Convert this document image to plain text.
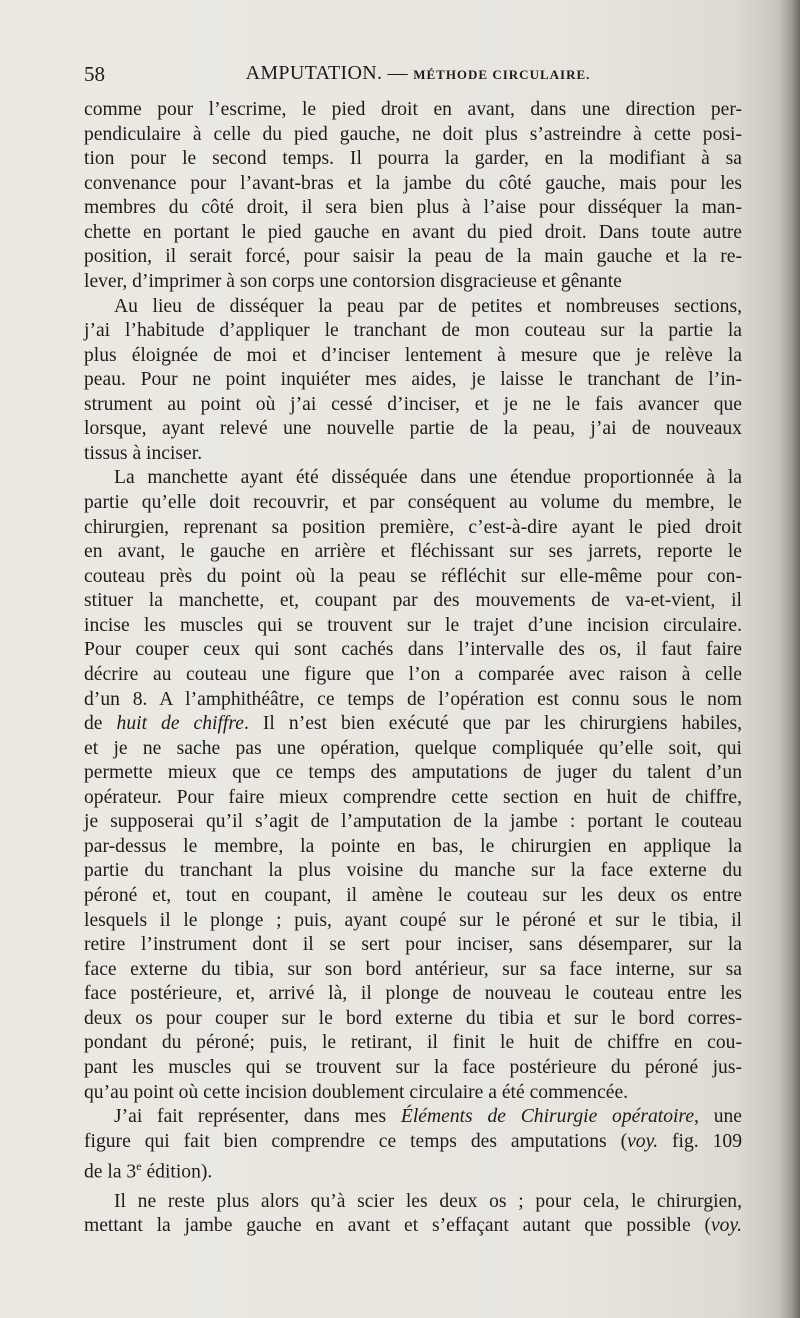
58	AMPUTATION. — MÉTHODE CIRCULAIRE.
comme pour l’escrime, le pied droit en avant, dans une direction per-
pendiculaire à celle du pied gauche, ne doit plus s’astreindre à cette posi-
tion pour le second temps. Il pourra la garder, en la modifiant à sa
convenance pour l’avant-bras et la jambe du côté gauche, mais pour les
membres du côté droit, il sera bien plus à l’aise pour disséquer la man-
chette en portant le pied gauche en avant du pied droit. Dans toute autre
position, il serait forcé, pour saisir la peau de la main gauche et la re-
lever, d’imprimer à son corps une contorsion disgracieuse et gênante
Au lieu de disséquer la peau par de petites et nombreuses sections,
j’ai l’habitude d’appliquer le tranchant de mon couteau sur la partie la
plus éloignée de moi et d’inciser lentement à mesure que je relève la
peau. Pour ne point inquiéter mes aides, je laisse le tranchant de l’in-
strument au point où j’ai cessé d’inciser, et je ne le fais avancer que
lorsque, ayant relevé une nouvelle partie de la peau, j’ai de nouveaux
tissus à inciser.
La manchette ayant été disséquée dans une étendue proportionnée à la
partie qu’elle doit recouvrir, et par conséquent au volume du membre, le
chirurgien, reprenant sa position première, c’est-à-dire ayant le pied droit
en avant, le gauche en arrière et fléchissant sur ses jarrets, reporte le
couteau près du point où la peau se réfléchit sur elle-même pour con-
stituer la manchette, et, coupant par des mouvements de va-et-vient, il
incise les muscles qui se trouvent sur le trajet d’une incision circulaire.
Pour couper ceux qui sont cachés dans l’intervalle des os, il faut faire
décrire au couteau une figure que l’on a comparée avec raison à celle
d’un 8. A l’amphithéâtre, ce temps de l’opération est connu sous le nom
de huit de chiffre. Il n’est bien exécuté que par les chirurgiens habiles,
et je ne sache pas une opération, quelque compliquée qu’elle soit, qui
permette mieux que ce temps des amputations de juger du talent d’un
opérateur. Pour faire mieux comprendre cette section en huit de chiffre,
je supposerai qu’il s’agit de l’amputation de la jambe : portant le couteau
par-dessus le membre, la pointe en bas, le chirurgien en applique la
partie du tranchant la plus voisine du manche sur la face externe du
péroné et, tout en coupant, il amène le couteau sur les deux os entre
lesquels il le plonge ; puis, ayant coupé sur le péroné et sur le tibia, il
retire l’instrument dont il se sert pour inciser, sans désemparer, sur la
face externe du tibia, sur son bord antérieur, sur sa face interne, sur sa
face postérieure, et, arrivé là, il plonge de nouveau le couteau entre les
deux os pour couper sur le bord externe du tibia et sur le bord corres-
pondant du péroné; puis, le retirant, il finit le huit de chiffre en cou-
pant les muscles qui se trouvent sur la face postérieure du péroné jus-
qu’au point où cette incision doublement circulaire a été commencée.
J’ai fait représenter, dans mes Éléments de Chirurgie opératoire, une
figure qui fait bien comprendre ce temps des amputations (voy. fig. 109
de la 3e édition).
Il ne reste plus alors qu’à scier les deux os ; pour cela, le chirurgien,
mettant la jambe gauche en avant et s’effaçant autant que possible (voy.
